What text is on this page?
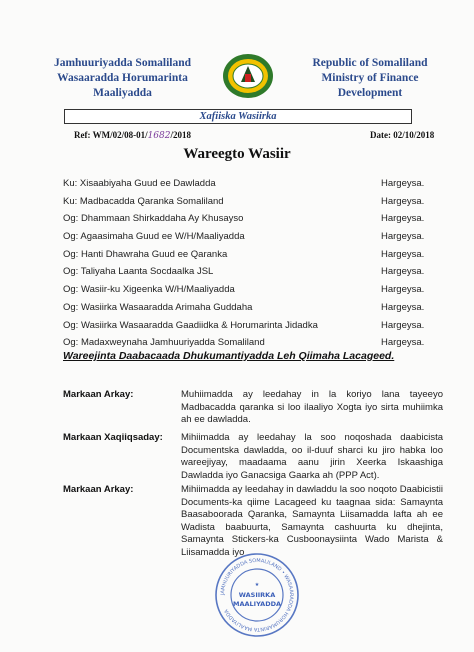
Jamhuuriyadda Somaliland
Wasaaradda Horumarinta
Maaliyadda
Republic of Somaliland
Ministry of Finance
Development
Xafiiska Wasiirka
Ref: WM/02/08-01/1682/2018	Date: 02/10/2018
Wareegto Wasiir
Ku: Xisaabiyaha Guud ee Dawladda	Hargeysa.
Ku: Madbacadda Qaranka Somaliland	Hargeysa.
Og: Dhammaan Shirkaddaha Ay Khusayso	Hargeysa.
Og: Agaasimaha Guud ee W/H/Maaliyadda	Hargeysa.
Og: Hanti Dhawraha Guud ee Qaranka	Hargeysa.
Og: Taliyaha Laanta Socdaalka JSL	Hargeysa.
Og: Wasiir-ku Xigeenka W/H/Maaliyadda	Hargeysa.
Og: Wasiirka Wasaaradda Arimaha Guddaha	Hargeysa.
Og: Wasiirka Wasaaradda Gaadiidka & Horumarinta Jidadka	Hargeysa.
Og: Madaxweynaha Jamhuuriyadda Somaliland	Hargeysa.
Wareejinta Daabacaada Dhukumantiyadda Leh Qiimaha Lacageed.
Markaan Arkay:	Muhiimadda ay leedahay in la koriyo lana tayeeyo Madbacadda qaranka si loo ilaaliyo Xogta iyo sirta muhiimka ah ee dawladda.
Markaan Xaqiiqsaday:	Mihiimadda ay leedahay la soo noqoshada daabicista Documentska dawladda, oo il-duuf sharci ku jiro habka loo wareejiyay, maadaama aanu jirin Xeerka Iskaashiga Dawladda iyo Ganacsiga Gaarka ah (PPP Act).
Markaan Arkay:	Mihiimadda ay leedahay in dawladdu la soo noqoto Daabicistii Documents-ka qiime Lacageed ku taagnaa sida: Samaynta Baasaboorada Qaranka, Samaynta Liisamadda lafta ah ee Wadista baabuurta, Samaynta cashuurta ku dhejinta, Samaynta Stickers-ka Cusboonaysiinta Wado Marista & Liisamadda iyo
JAMHUURIYADDA SOMALILAND • WASAARADDA HORUMARINTA MAALIYADDA
★
WASIIRKA
MAALIYADDA
